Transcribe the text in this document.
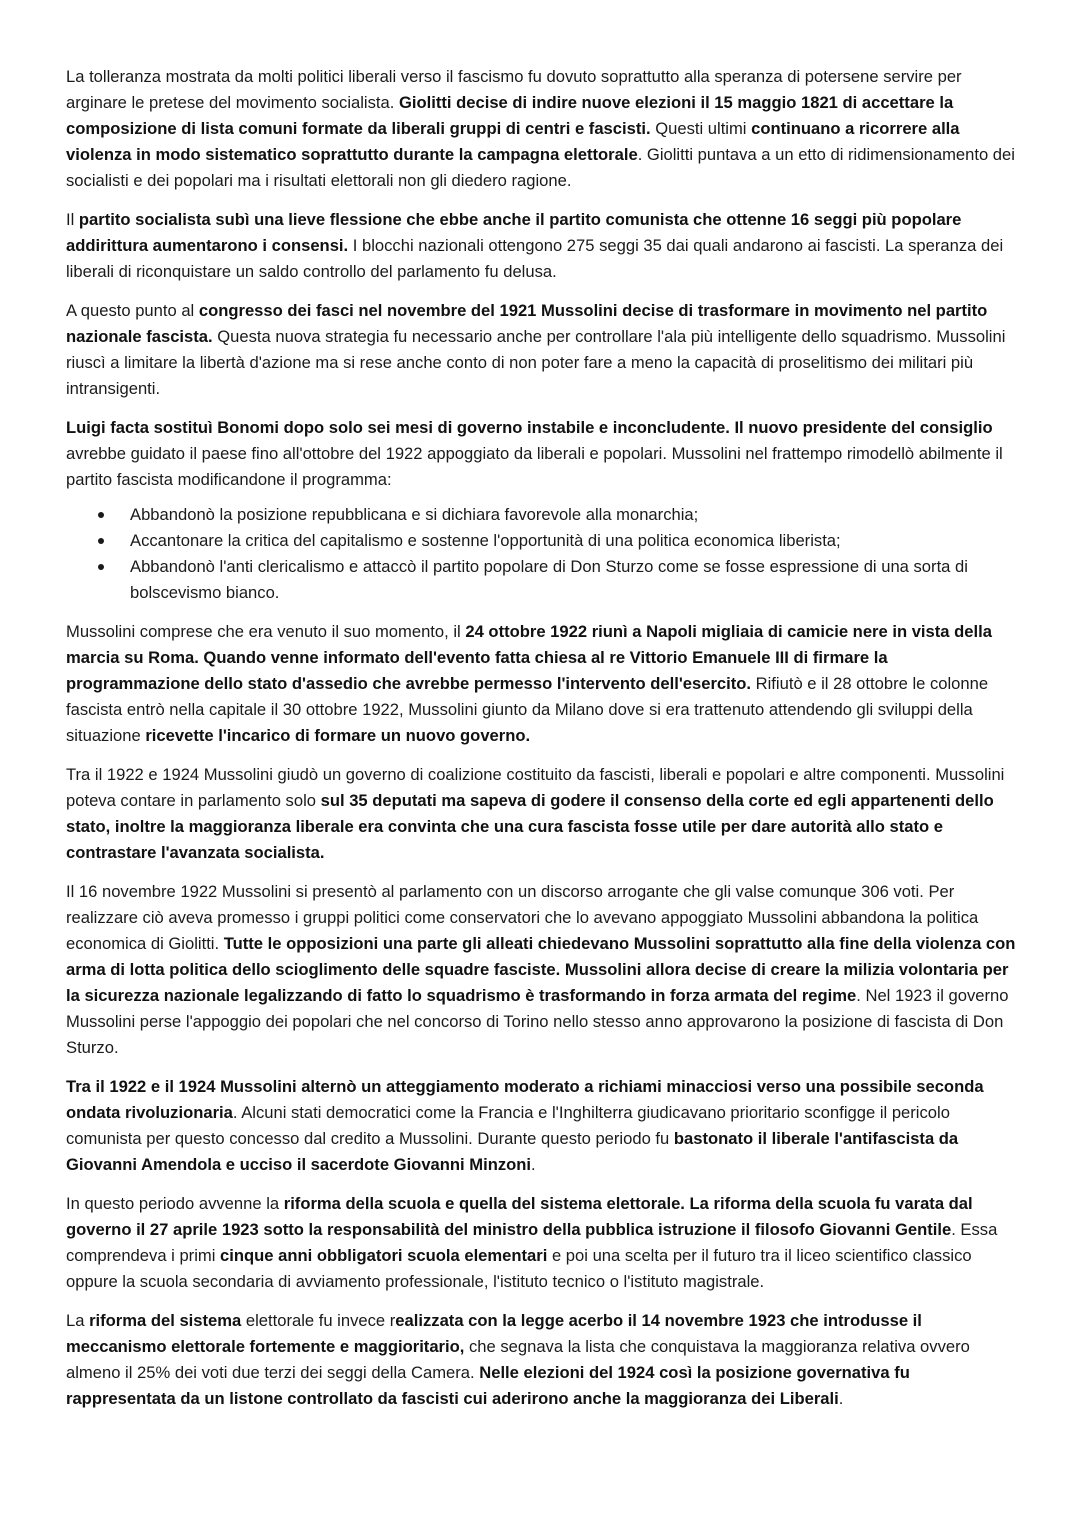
La tolleranza mostrata da molti politici liberali verso il fascismo fu dovuto soprattutto alla speranza di potersene servire per arginare le pretese del movimento socialista. Giolitti decise di indire nuove elezioni il 15 maggio 1821 di accettare la composizione di lista comuni formate da liberali gruppi di centri e fascisti. Questi ultimi continuano a ricorrere alla violenza in modo sistematico soprattutto durante la campagna elettorale. Giolitti puntava a un etto di ridimensionamento dei socialisti e dei popolari ma i risultati elettorali non gli diedero ragione.

Il partito socialista subì una lieve flessione che ebbe anche il partito comunista che ottenne 16 seggi più popolare addirittura aumentarono i consensi. I blocchi nazionali ottengono 275 seggi 35 dai quali andarono ai fascisti. La speranza dei liberali di riconquistare un saldo controllo del parlamento fu delusa.

A questo punto al congresso dei fasci nel novembre del 1921 Mussolini decise di trasformare in movimento nel partito nazionale fascista. Questa nuova strategia fu necessario anche per controllare l'ala più intelligente dello squadrismo. Mussolini riuscì a limitare la libertà d'azione ma si rese anche conto di non poter fare a meno la capacità di proselitismo dei militari più intransigenti.

Luigi facta sostituì Bonomi dopo solo sei mesi di governo instabile e inconcludente. Il nuovo presidente del consiglio avrebbe guidato il paese fino all'ottobre del 1922 appoggiato da liberali e popolari. Mussolini nel frattempo rimodellò abilmente il partito fascista modificandone il programma:

Abbandonò la posizione repubblicana e si dichiara favorevole alla monarchia;
Accantonare la critica del capitalismo e sostenne l'opportunità di una politica economica liberista;
Abbandonò l'anti clericalismo e attaccò il partito popolare di Don Sturzo come se fosse espressione di una sorta di bolscevismo bianco.

Mussolini comprese che era venuto il suo momento, il 24 ottobre 1922 riunì a Napoli migliaia di camicie nere in vista della marcia su Roma. Quando venne informato dell'evento fatta chiesa al re Vittorio Emanuele III di firmare la programmazione dello stato d'assedio che avrebbe permesso l'intervento dell'esercito. Rifiutò e il 28 ottobre le colonne fascista entrò nella capitale il 30 ottobre 1922, Mussolini giunto da Milano dove si era trattenuto attendendo gli sviluppi della situazione ricevette l'incarico di formare un nuovo governo.

Tra il 1922 e 1924 Mussolini giudò un governo di coalizione costituito da fascisti, liberali e popolari e altre componenti. Mussolini poteva contare in parlamento solo sul 35 deputati ma sapeva di godere il consenso della corte ed egli appartenenti dello stato, inoltre la maggioranza liberale era convinta che una cura fascista fosse utile per dare autorità allo stato e contrastare l'avanzata socialista.

Il 16 novembre 1922 Mussolini si presentò al parlamento con un discorso arrogante che gli valse comunque 306 voti. Per realizzare ciò aveva promesso i gruppi politici come conservatori che lo avevano appoggiato Mussolini abbandona la politica economica di Giolitti. Tutte le opposizioni una parte gli alleati chiedevano Mussolini soprattutto alla fine della violenza con arma di lotta politica dello scioglimento delle squadre fasciste. Mussolini allora decise di creare la milizia volontaria per la sicurezza nazionale legalizzando di fatto lo squadrismo è trasformando in forza armata del regime. Nel 1923 il governo Mussolini perse l'appoggio dei popolari che nel concorso di Torino nello stesso anno approvarono la posizione di fascista di Don Sturzo.

Tra il 1922 e il 1924 Mussolini alternò un atteggiamento moderato a richiami minacciosi verso una possibile seconda ondata rivoluzionaria. Alcuni stati democratici come la Francia e l'Inghilterra giudicavano prioritario sconfigge il pericolo comunista per questo concesso dal credito a Mussolini. Durante questo periodo fu bastonato il liberale l'antifascista da Giovanni Amendola e ucciso il sacerdote Giovanni Minzoni.

In questo periodo avvenne la riforma della scuola e quella del sistema elettorale. La riforma della scuola fu varata dal governo il 27 aprile 1923 sotto la responsabilità del ministro della pubblica istruzione il filosofo Giovanni Gentile. Essa comprendeva i primi cinque anni obbligatori scuola elementari e poi una scelta per il futuro tra il liceo scientifico classico oppure la scuola secondaria di avviamento professionale, l'istituto tecnico o l'istituto magistrale.

La riforma del sistema elettorale fu invece realizzata con la legge acerbo il 14 novembre 1923 che introdusse il meccanismo elettorale fortemente e maggioritario, che segnava la lista che conquistava la maggioranza relativa ovvero almeno il 25% dei voti due terzi dei seggi della Camera. Nelle elezioni del 1924 così la posizione governativa fu rappresentata da un listone controllato da fascisti cui aderirono anche la maggioranza dei Liberali.
